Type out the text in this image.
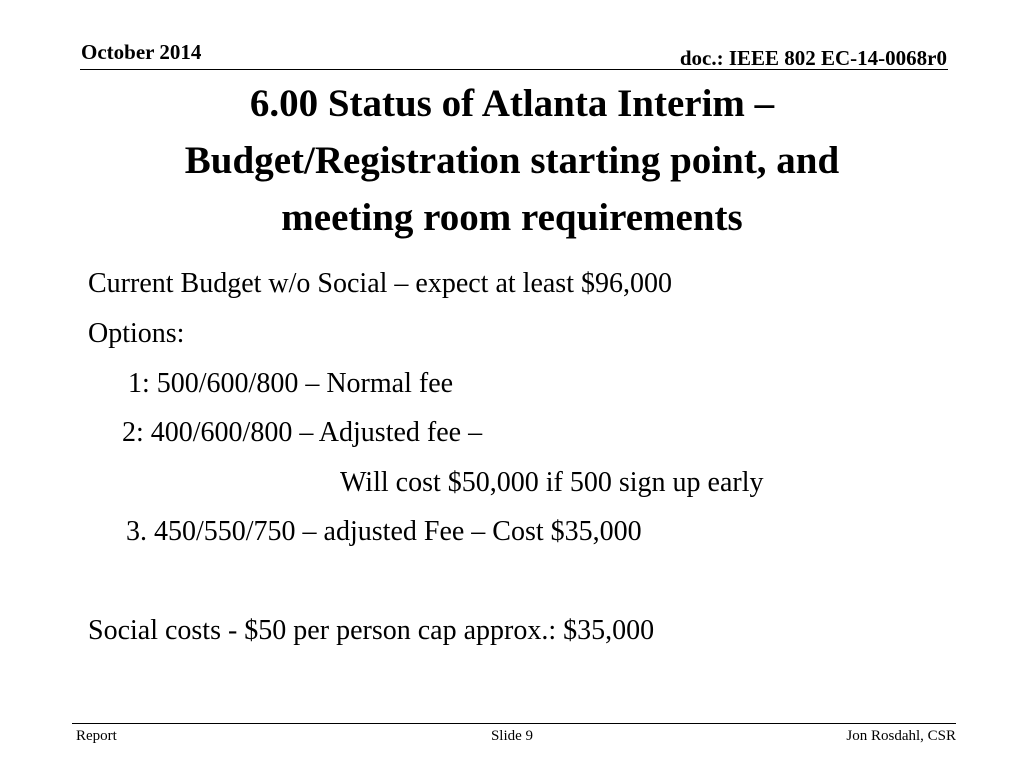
October 2014	doc.: IEEE 802 EC-14-0068r0
6.00 Status of Atlanta Interim –
Budget/Registration starting point, and
meeting room requirements
Current Budget w/o Social – expect at least $96,000
Options:
1: 500/600/800 – Normal fee
2: 400/600/800 – Adjusted fee –
Will cost $50,000 if 500 sign up early
3. 450/550/750 – adjusted Fee – Cost $35,000
Social costs - $50 per person cap approx.: $35,000
Report	Slide 9	Jon Rosdahl, CSR
